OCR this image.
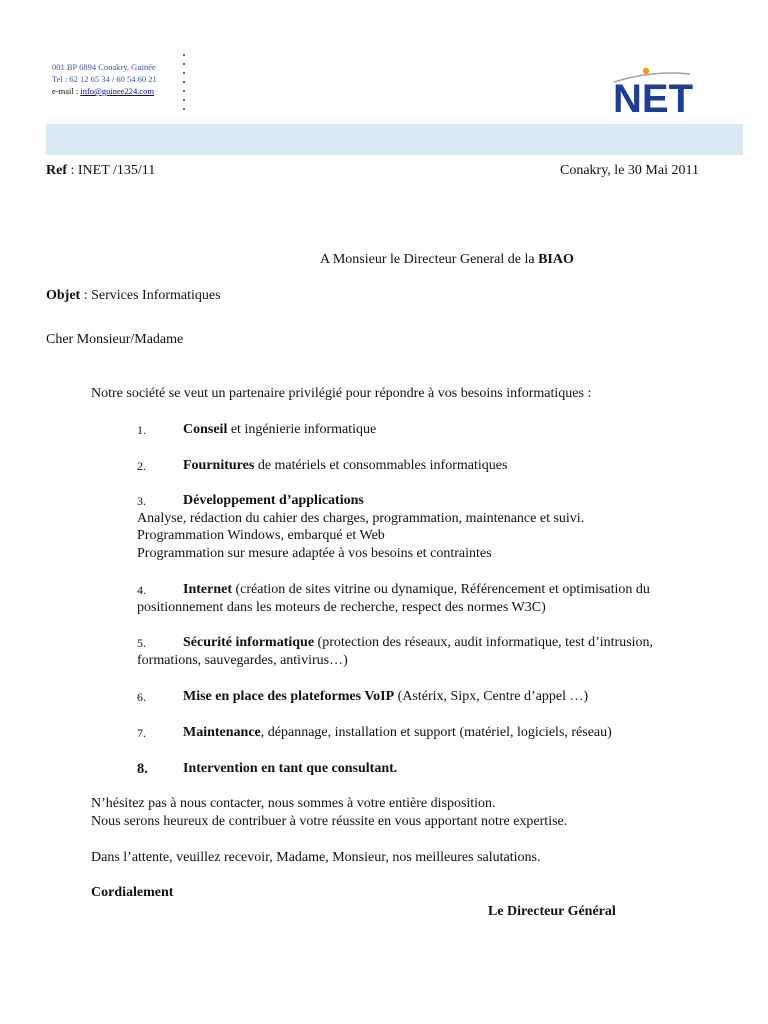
001 BP 6894 Conakry, Guinée
Tel : 62 12 65 34 / 60 54 60 21
e-mail : info@guinee224.com	NET
Ref : INET /135/11	Conakry, le 30 Mai 2011
A Monsieur le Directeur General de la BIAO
Objet : Services Informatiques
Cher Monsieur/Madame
Notre société se veut un partenaire privilégié pour répondre à vos besoins informatiques :
1.	Conseil et ingénierie informatique
2.	Fournitures de matériels et consommables informatiques
3.	Développement d’applications
Analyse, rédaction du cahier des charges, programmation, maintenance et suivi.
Programmation Windows, embarqué et Web
Programmation sur mesure adaptée à vos besoins et contraintes
4.	Internet (création de sites vitrine ou dynamique, Référencement et optimisation du
positionnement dans les moteurs de recherche, respect des normes W3C)
5.	Sécurité informatique (protection des réseaux, audit informatique, test d’intrusion,
formations, sauvegardes, antivirus…)
6.	Mise en place des plateformes VoIP (Astérix, Sipx, Centre d’appel …)
7.	Maintenance, dépannage, installation et support (matériel, logiciels, réseau)
8.	Intervention en tant que consultant.
N’hésitez pas à nous contacter, nous sommes à votre entière disposition.
Nous serons heureux de contribuer à votre réussite en vous apportant notre expertise.
Dans l’attente, veuillez recevoir, Madame, Monsieur, nos meilleures salutations.
Cordialement
Le Directeur Général
